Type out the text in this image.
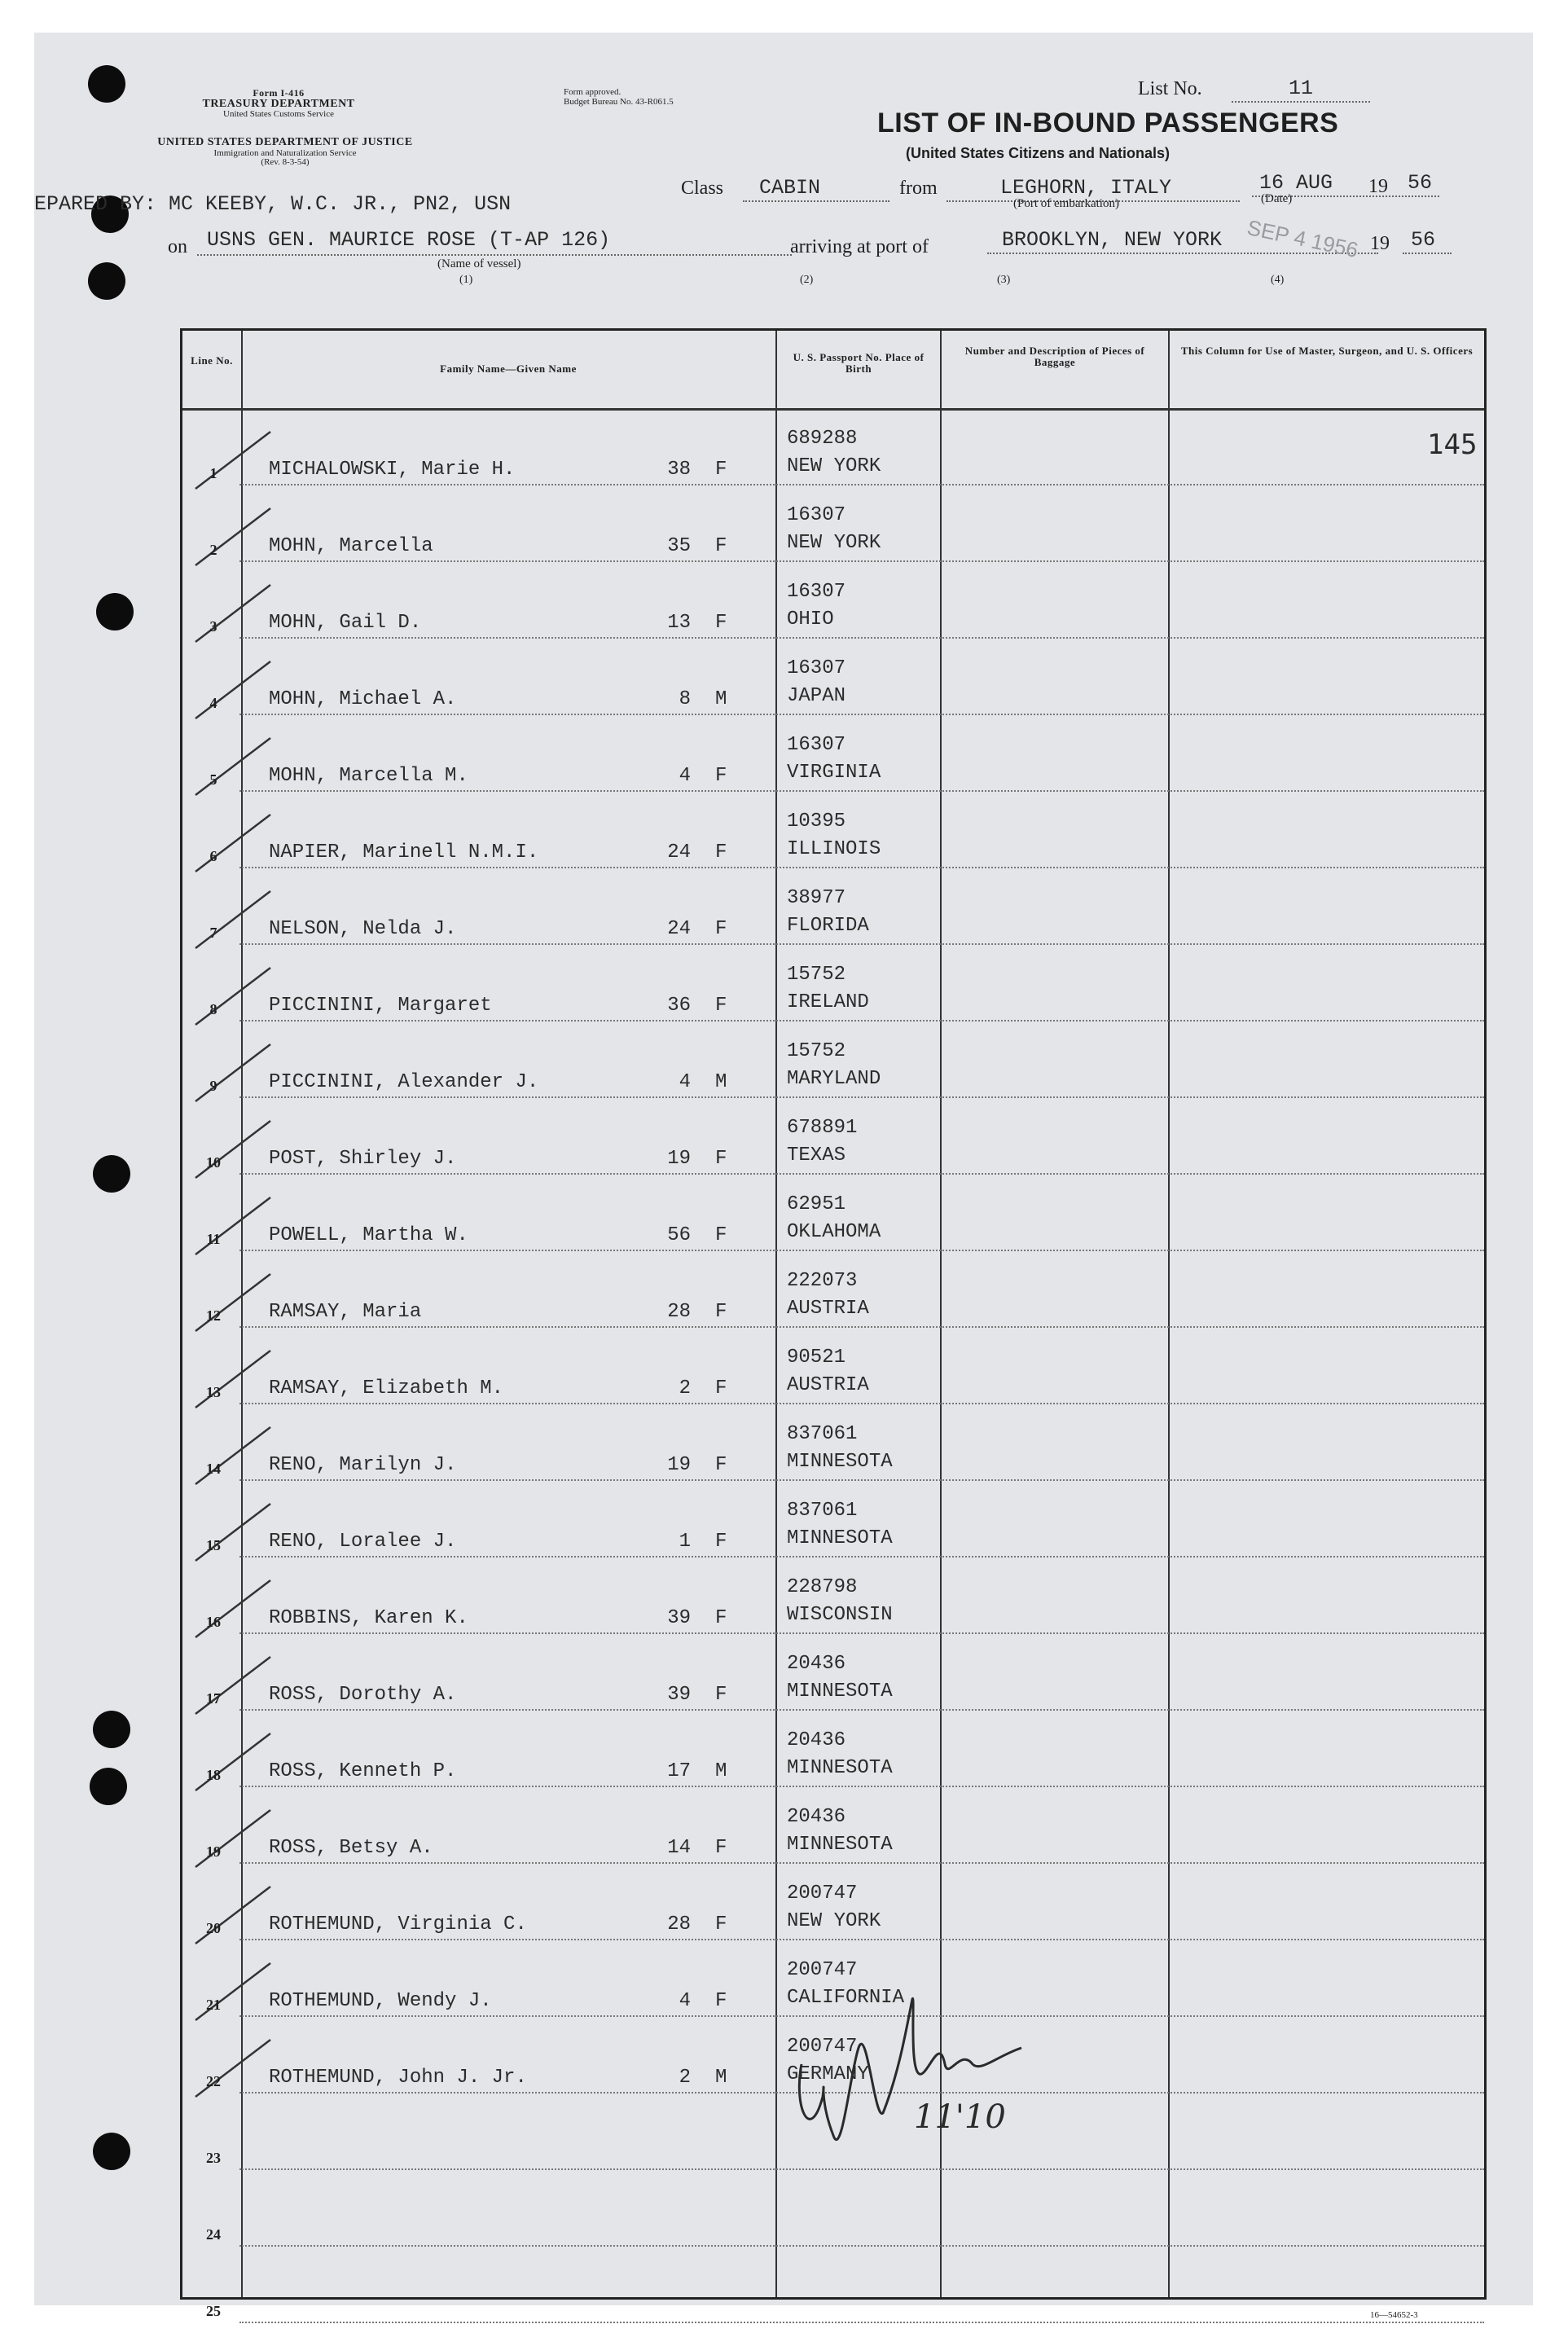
Form I-416
TREASURY DEPARTMENT
United States Customs Service
UNITED STATES DEPARTMENT OF JUSTICE
Immigration and Naturalization Service
(Rev. 8-3-54)
Form approved.
Budget Bureau No. 43-R061.5
List No.	11
LIST OF IN-BOUND PASSENGERS
(United States Citizens and Nationals)
EPARED BY: MC KEEBY, W.C. JR., PN2, USN
Class CABIN	from	LEGHORN, ITALY
(Port of embarkation)
16 AUG 19 56
(Date)
on USNS GEN. MAURICE ROSE (T-AP 126)
(Name of vessel)
arriving at port of	BROOKLYN, NEW YORK SEP 4 1956 19 56
(1)	(2)	(3)	(4)
Line No.
Family Name—Given Name
U. S. Passport No. Place of Birth
Number and Description of Pieces of Baggage
This Column for Use of Master, Surgeon, and U. S. Officers
145
1	MICHALOWSKI, Marie H.	38 F
689288
NEW YORK
2	MOHN, Marcella	35 F
16307
NEW YORK
3	MOHN, Gail D.	13 F
16307
OHIO
4	MOHN, Michael A.	8 M
16307
JAPAN
5	MOHN, Marcella M.	4 F
16307
VIRGINIA
6	NAPIER, Marinell N.M.I.	24 F
10395
ILLINOIS
7	NELSON, Nelda J.	24 F
38977
FLORIDA
8	PICCININI, Margaret	36 F
15752
IRELAND
9	PICCININI, Alexander J.	4 M
15752
MARYLAND
10	POST, Shirley J.	19 F
678891
TEXAS
11	POWELL, Martha W.	56 F
62951
OKLAHOMA
12	RAMSAY, Maria	28 F
222073
AUSTRIA
13	RAMSAY, Elizabeth M.	2 F
90521
AUSTRIA
14	RENO, Marilyn J.	19 F
837061
MINNESOTA
15	RENO, Loralee J.	1 F
837061
MINNESOTA
16	ROBBINS, Karen K.	39 F
228798
WISCONSIN
17	ROSS, Dorothy A.	39 F
20436
MINNESOTA
18	ROSS, Kenneth P.	17 M
20436
MINNESOTA
19	ROSS, Betsy A.	14 F
20436
MINNESOTA
20	ROTHEMUND, Virginia C.	28 F
200747
NEW YORK
21	ROTHEMUND, Wendy J.	4 F
200747
CALIFORNIA
22	ROTHEMUND, John J. Jr.	2 M
200747
GERMANY
23
24
25
11'10
16—54652-3
